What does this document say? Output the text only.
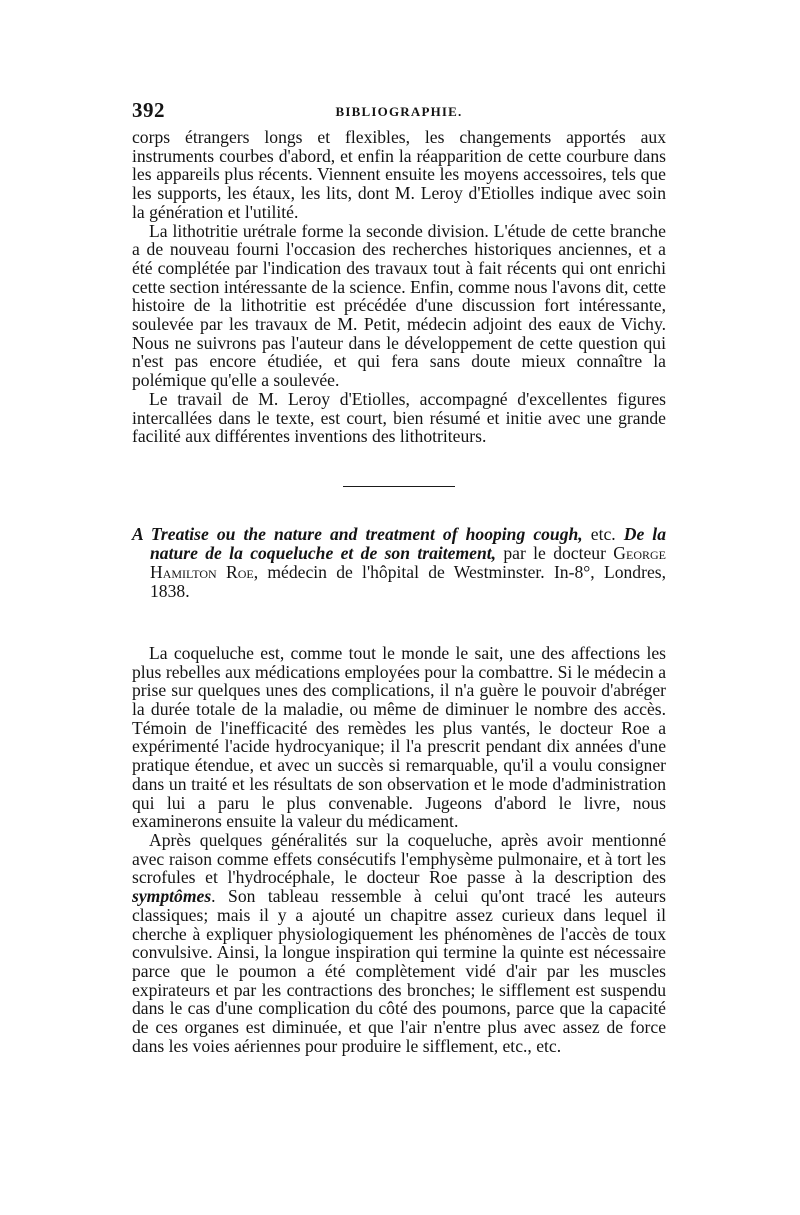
392	BIBLIOGRAPHIE.

corps étrangers longs et flexibles, les changements apportés aux instruments courbes d'abord, et enfin la réapparition de cette courbure dans les appareils plus récents. Viennent ensuite les moyens accessoires, tels que les supports, les étaux, les lits, dont M. Leroy d'Etiolles indique avec soin la génération et l'utilité.

La lithotritie urétrale forme la seconde division. L'étude de cette branche a de nouveau fourni l'occasion des recherches historiques anciennes, et a été complétée par l'indication des travaux tout à fait récents qui ont enrichi cette section intéressante de la science. Enfin, comme nous l'avons dit, cette histoire de la lithotritie est précédée d'une discussion fort intéressante, soulevée par les travaux de M. Petit, médecin adjoint des eaux de Vichy. Nous ne suivrons pas l'auteur dans le développement de cette question qui n'est pas encore étudiée, et qui fera sans doute mieux connaître la polémique qu'elle a soulevée.

Le travail de M. Leroy d'Etiolles, accompagné d'excellentes figures intercallées dans le texte, est court, bien résumé et initie avec une grande facilité aux différentes inventions des lithotriteurs.

A Treatise ou the nature and treatment of hooping cough, etc. De la nature de la coqueluche et de son traitement, par le docteur George Hamilton Roe, médecin de l'hôpital de Westminster. In-8°, Londres, 1838.

La coqueluche est, comme tout le monde le sait, une des affections les plus rebelles aux médications employées pour la combattre. Si le médecin a prise sur quelques unes des complications, il n'a guère le pouvoir d'abréger la durée totale de la maladie, ou même de diminuer le nombre des accès. Témoin de l'inefficacité des remèdes les plus vantés, le docteur Roe a expérimenté l'acide hydrocyanique; il l'a prescrit pendant dix années d'une pratique étendue, et avec un succès si remarquable, qu'il a voulu consigner dans un traité et les résultats de son observation et le mode d'administration qui lui a paru le plus convenable. Jugeons d'abord le livre, nous examinerons ensuite la valeur du médicament.

Après quelques généralités sur la coqueluche, après avoir mentionné avec raison comme effets consécutifs l'emphysème pulmonaire, et à tort les scrofules et l'hydrocéphale, le docteur Roe passe à la description des symptômes. Son tableau ressemble à celui qu'ont tracé les auteurs classiques; mais il y a ajouté un chapitre assez curieux dans lequel il cherche à expliquer physiologiquement les phénomènes de l'accès de toux convulsive. Ainsi, la longue inspiration qui termine la quinte est nécessaire parce que le poumon a été complètement vidé d'air par les muscles expirateurs et par les contractions des bronches; le sifflement est suspendu dans le cas d'une complication du côté des poumons, parce que la capacité de ces organes est diminuée, et que l'air n'entre plus avec assez de force dans les voies aériennes pour produire le sifflement, etc., etc.
